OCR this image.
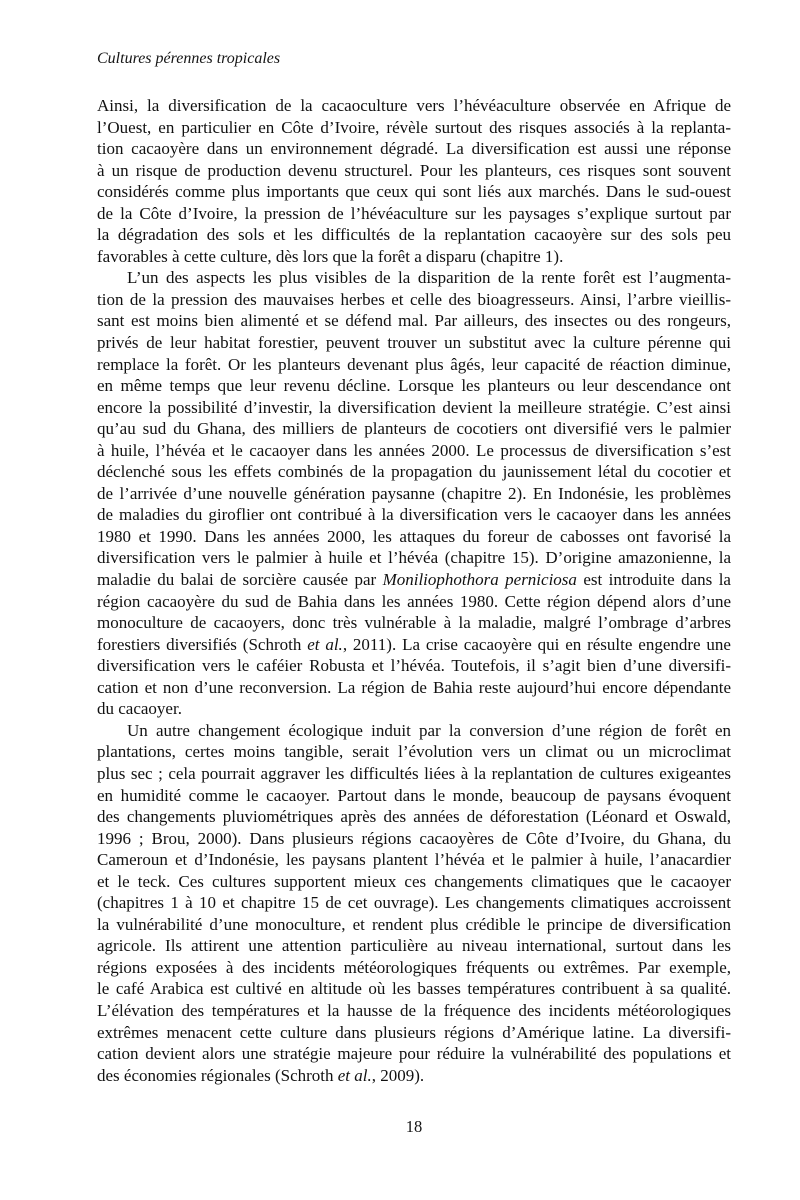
Cultures pérennes tropicales
Ainsi, la diversification de la cacaoculture vers l’hévéaculture observée en Afrique de
l’Ouest, en particulier en Côte d’Ivoire, révèle surtout des risques associés à la replanta-
tion cacaoyère dans un environnement dégradé. La diversification est aussi une réponse
à un risque de production devenu structurel. Pour les planteurs, ces risques sont souvent
considérés comme plus importants que ceux qui sont liés aux marchés. Dans le sud-ouest
de la Côte d’Ivoire, la pression de l’hévéaculture sur les paysages s’explique surtout par
la dégradation des sols et les difficultés de la replantation cacaoyère sur des sols peu
favorables à cette culture, dès lors que la forêt a disparu (chapitre 1).
L’un des aspects les plus visibles de la disparition de la rente forêt est l’augmenta-
tion de la pression des mauvaises herbes et celle des bioagresseurs. Ainsi, l’arbre vieillis-
sant est moins bien alimenté et se défend mal. Par ailleurs, des insectes ou des rongeurs,
privés de leur habitat forestier, peuvent trouver un substitut avec la culture pérenne qui
remplace la forêt. Or les planteurs devenant plus âgés, leur capacité de réaction diminue,
en même temps que leur revenu décline. Lorsque les planteurs ou leur descendance ont
encore la possibilité d’investir, la diversification devient la meilleure stratégie. C’est ainsi
qu’au sud du Ghana, des milliers de planteurs de cocotiers ont diversifié vers le palmier
à huile, l’hévéa et le cacaoyer dans les années 2000. Le processus de diversification s’est
déclenché sous les effets combinés de la propagation du jaunissement létal du cocotier et
de l’arrivée d’une nouvelle génération paysanne (chapitre 2). En Indonésie, les problèmes
de maladies du giroflier ont contribué à la diversification vers le cacaoyer dans les années
1980 et 1990. Dans les années 2000, les attaques du foreur de cabosses ont favorisé la
diversification vers le palmier à huile et l’hévéa (chapitre 15). D’origine amazonienne, la
maladie du balai de sorcière causée par Moniliophothora perniciosa est introduite dans la
région cacaoyère du sud de Bahia dans les années 1980. Cette région dépend alors d’une
monoculture de cacaoyers, donc très vulnérable à la maladie, malgré l’ombrage d’arbres
forestiers diversifiés (Schroth et al., 2011). La crise cacaoyère qui en résulte engendre une
diversification vers le caféier Robusta et l’hévéa. Toutefois, il s’agit bien d’une diversifi-
cation et non d’une reconversion. La région de Bahia reste aujourd’hui encore dépendante
du cacaoyer.
Un autre changement écologique induit par la conversion d’une région de forêt en
plantations, certes moins tangible, serait l’évolution vers un climat ou un microclimat
plus sec ; cela pourrait aggraver les difficultés liées à la replantation de cultures exigeantes
en humidité comme le cacaoyer. Partout dans le monde, beaucoup de paysans évoquent
des changements pluviométriques après des années de déforestation (Léonard et Oswald,
1996 ; Brou, 2000). Dans plusieurs régions cacaoyères de Côte d’Ivoire, du Ghana, du
Cameroun et d’Indonésie, les paysans plantent l’hévéa et le palmier à huile, l’anacardier
et le teck. Ces cultures supportent mieux ces changements climatiques que le cacaoyer
(chapitres 1 à 10 et chapitre 15 de cet ouvrage). Les changements climatiques accroissent
la vulnérabilité d’une monoculture, et rendent plus crédible le principe de diversification
agricole. Ils attirent une attention particulière au niveau international, surtout dans les
régions exposées à des incidents météorologiques fréquents ou extrêmes. Par exemple,
le café Arabica est cultivé en altitude où les basses températures contribuent à sa qualité.
L’élévation des températures et la hausse de la fréquence des incidents météorologiques
extrêmes menacent cette culture dans plusieurs régions d’Amérique latine. La diversifi-
cation devient alors une stratégie majeure pour réduire la vulnérabilité des populations et
des économies régionales (Schroth et al., 2009).
18
